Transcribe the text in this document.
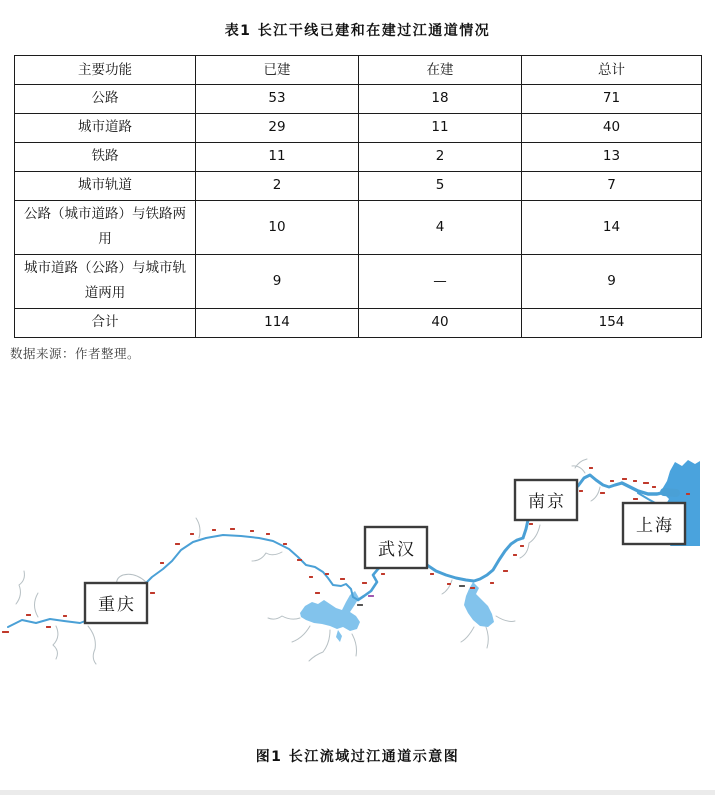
表1 长江干线已建和在建过江通道情况
主要功能	已建	在建	总计
公路	53	18	71
城市道路	29	11	40
铁路	11	2	13
城市轨道	2	5	7
公路（城市道路）与铁路两用	10	4	14
城市道路（公路）与城市轨道两用	9	—	9
合计	114	40	154
数据来源：作者整理。
重庆
武汉
南京
上海
图1 长江流域过江通道示意图
